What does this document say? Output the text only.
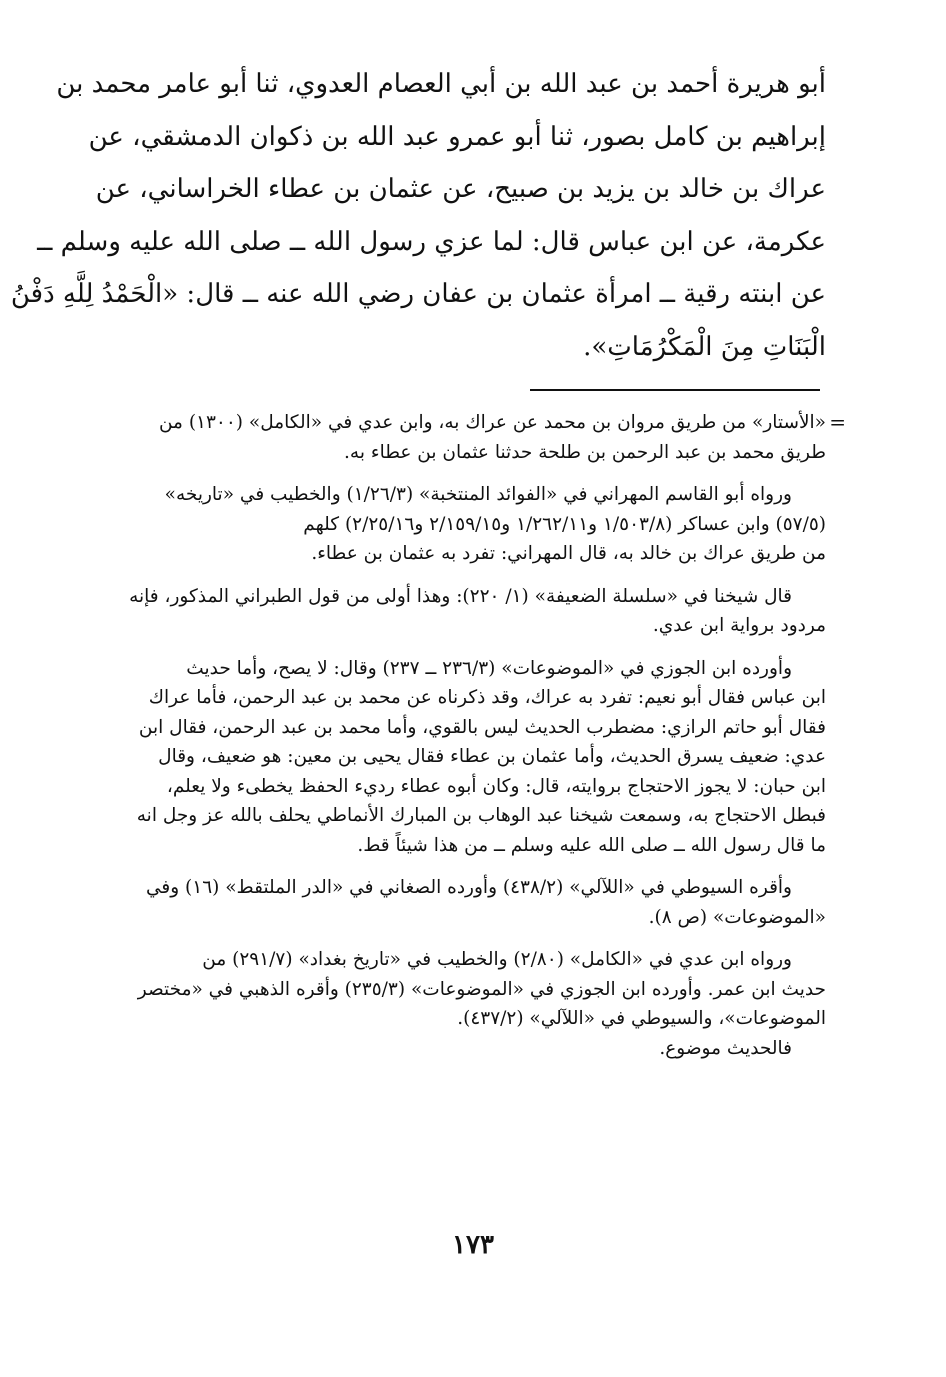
أبو هريرة أحمد بن عبد الله بن أبي العصام العدوي، ثنا أبو عامر محمد بن
إبراهيم بن كامل بصور، ثنا أبو عمرو عبد الله بن ذكوان الدمشقي، عن
عراك بن خالد بن يزيد بن صبيح، عن عثمان بن عطاء الخراساني، عن
عكرمة، عن ابن عباس قال: لما عزي رسول الله ــ صلى الله عليه وسلم ــ
عن ابنته رقية ــ امرأة عثمان بن عفان رضي الله عنه ــ قال: «الْحَمْدُ لِلَّهِ دَفْنُ
الْبَنَاتِ مِنَ الْمَكْرُمَاتِ».
=
«الأستار» من طريق مروان بن محمد عن عراك به، وابن عدي في «الكامل» (١٣٠٠) من
طريق محمد بن عبد الرحمن بن طلحة حدثنا عثمان بن عطاء به.
ورواه أبو القاسم المهراني في «الفوائد المنتخبة» (١/٢٦/٣) والخطيب في «تاريخه»
(٥٧/٥) وابن عساكر (١/٥٠٣/٨ و١/٢٦٢/١١ و٢/١٥٩/١٥ و٢/٢٥/١٦) كلهم
من طريق عراك بن خالد به، قال المهراني: تفرد به عثمان بن عطاء.
قال شيخنا في «سلسلة الضعيفة» (١/ ٢٢٠): وهذا أولى من قول الطبراني المذكور، فإنه
مردود برواية ابن عدي.
وأورده ابن الجوزي في «الموضوعات» (٢٣٦/٣ ــ ٢٣٧) وقال: لا يصح، وأما حديث
ابن عباس فقال أبو نعيم: تفرد به عراك، وقد ذكرناه عن محمد بن عبد الرحمن، فأما عراك
فقال أبو حاتم الرازي: مضطرب الحديث ليس بالقوي، وأما محمد بن عبد الرحمن، فقال ابن
عدي: ضعيف يسرق الحديث، وأما عثمان بن عطاء فقال يحيى بن معين: هو ضعيف، وقال
ابن حبان: لا يجوز الاحتجاج بروايته، قال: وكان أبوه عطاء رديء الحفظ يخطىء ولا يعلم،
فبطل الاحتجاج به، وسمعت شيخنا عبد الوهاب بن المبارك الأنماطي يحلف بالله عز وجل انه
ما قال رسول الله ــ صلى الله عليه وسلم ــ من هذا شيئاً قط.
وأقره السيوطي في «اللآلي» (٤٣٨/٢) وأورده الصغاني في «الدر الملتقط» (١٦) وفي
«الموضوعات» (ص ٨).
ورواه ابن عدي في «الكامل» (٢/٨٠) والخطيب في «تاريخ بغداد» (٢٩١/٧) من
حديث ابن عمر. وأورده ابن الجوزي في «الموضوعات» (٢٣٥/٣) وأقره الذهبي في «مختصر
الموضوعات»، والسيوطي في «اللآلي» (٤٣٧/٢).
فالحديث موضوع.
١٧٣
